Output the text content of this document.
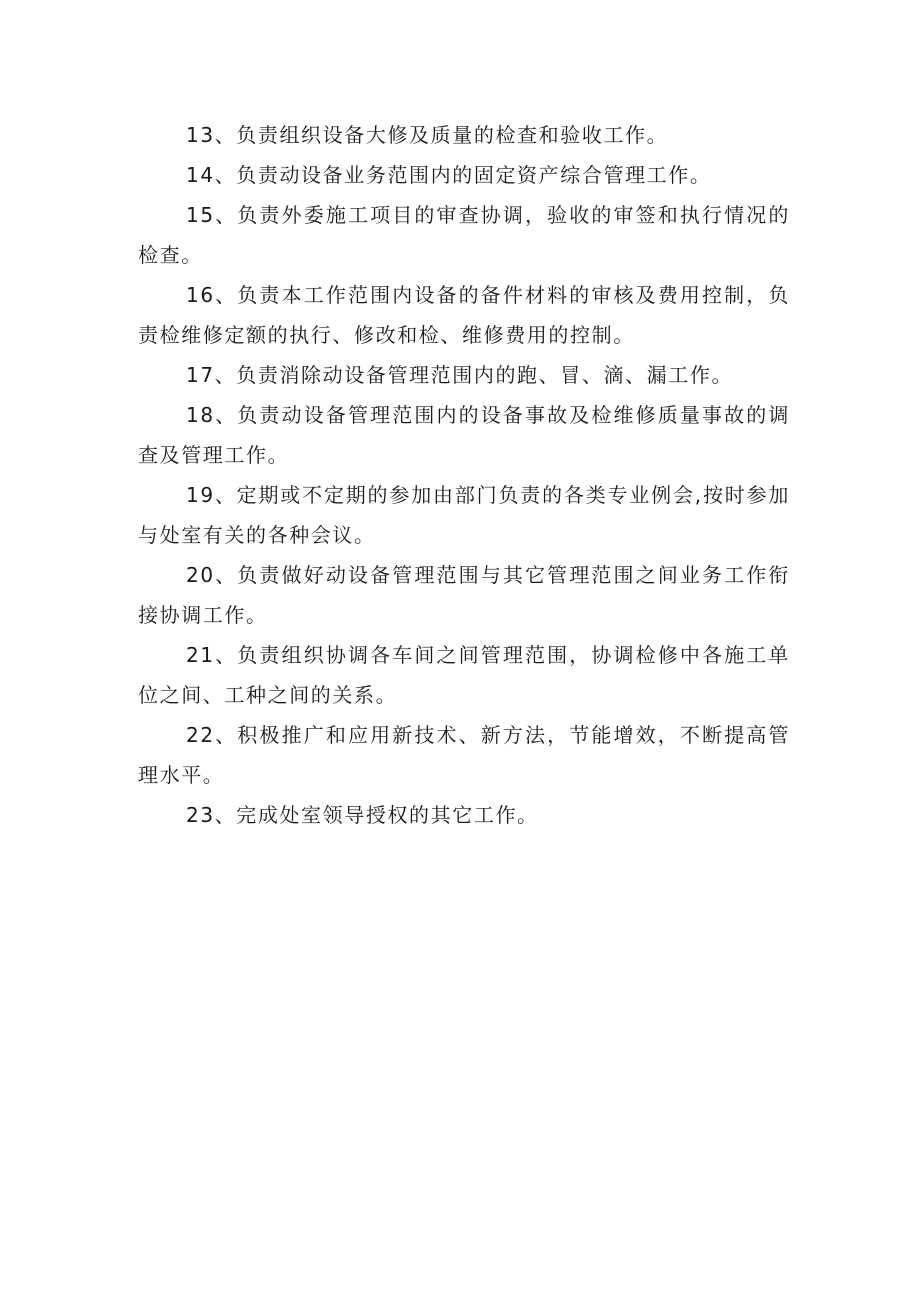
13、负责组织设备大修及质量的检查和验收工作。

14、负责动设备业务范围内的固定资产综合管理工作。

15、负责外委施工项目的审查协调，验收的审签和执行情况的检查。

16、负责本工作范围内设备的备件材料的审核及费用控制，负责检维修定额的执行、修改和检、维修费用的控制。

17、负责消除动设备管理范围内的跑、冒、滴、漏工作。

18、负责动设备管理范围内的设备事故及检维修质量事故的调查及管理工作。

19、定期或不定期的参加由部门负责的各类专业例会,按时参加与处室有关的各种会议。

20、负责做好动设备管理范围与其它管理范围之间业务工作衔接协调工作。

21、负责组织协调各车间之间管理范围，协调检修中各施工单位之间、工种之间的关系。

22、积极推广和应用新技术、新方法，节能增效，不断提高管理水平。

23、完成处室领导授权的其它工作。
